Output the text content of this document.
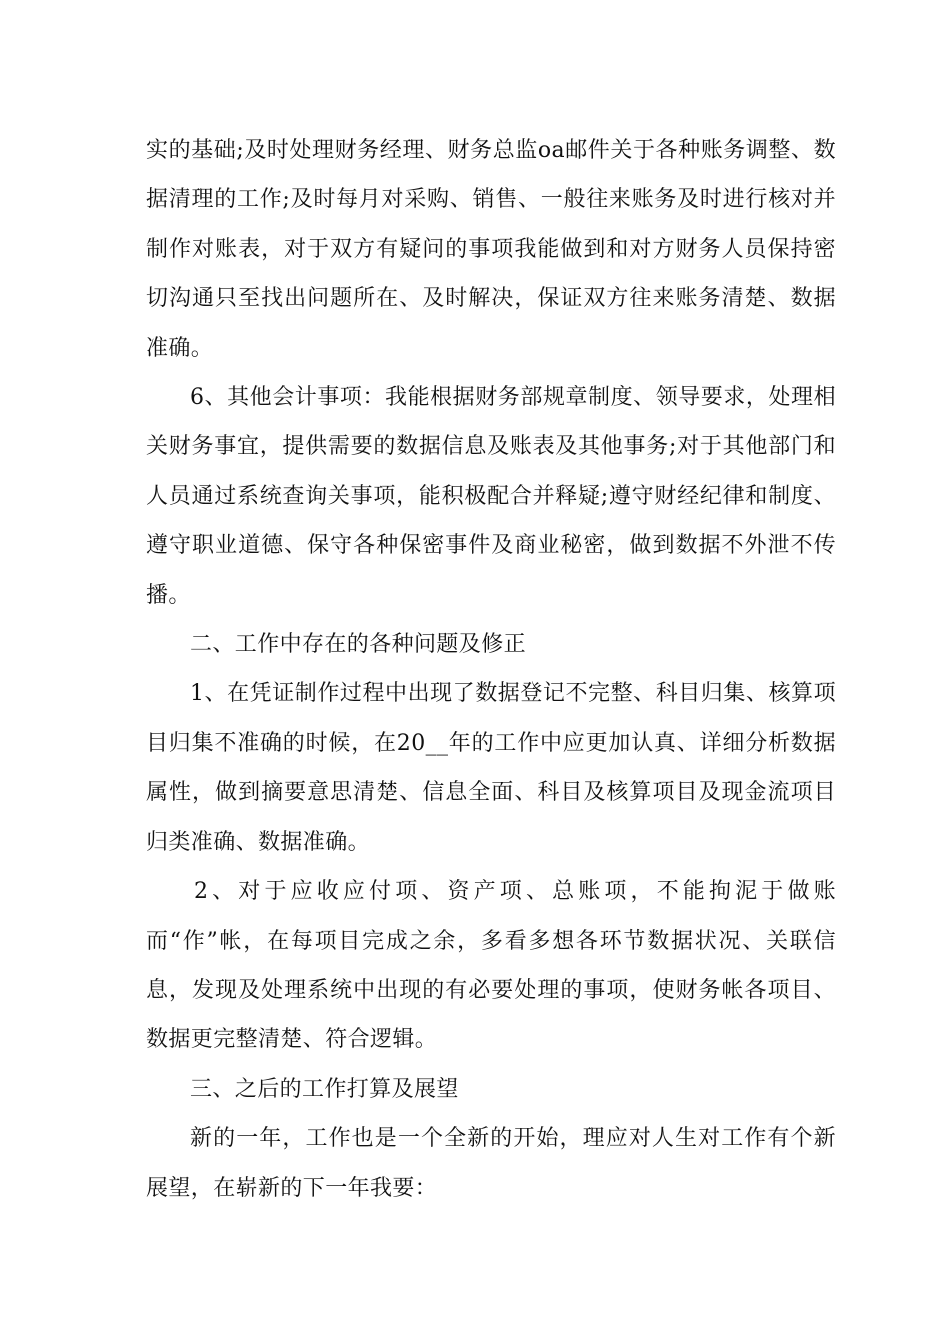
实的基础;及时处理财务经理、财务总监oa邮件关于各种账务调整、数据清理的工作;及时每月对采购、销售、一般往来账务及时进行核对并制作对账表，对于双方有疑问的事项我能做到和对方财务人员保持密切沟通只至找出问题所在、及时解决，保证双方往来账务清楚、数据准确。

6、其他会计事项：我能根据财务部规章制度、领导要求，处理相关财务事宜，提供需要的数据信息及账表及其他事务;对于其他部门和人员通过系统查询关事项，能积极配合并释疑;遵守财经纪律和制度、遵守职业道德、保守各种保密事件及商业秘密，做到数据不外泄不传播。

二、工作中存在的各种问题及修正

1、在凭证制作过程中出现了数据登记不完整、科目归集、核算项目归集不准确的时候，在20__年的工作中应更加认真、详细分析数据属性，做到摘要意思清楚、信息全面、科目及核算项目及现金流项目归类准确、数据准确。

2、对于应收应付项、资产项、总账项，不能拘泥于做账而“作”帐，在每项目完成之余，多看多想各环节数据状况、关联信息，发现及处理系统中出现的有必要处理的事项，使财务帐各项目、数据更完整清楚、符合逻辑。

三、之后的工作打算及展望

新的一年，工作也是一个全新的开始，理应对人生对工作有个新展望，在崭新的下一年我要：
